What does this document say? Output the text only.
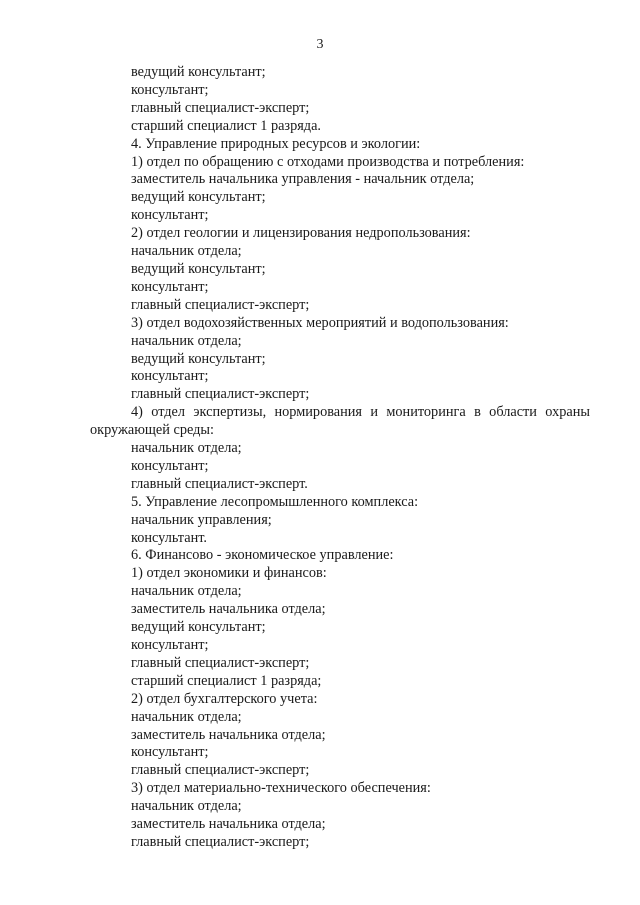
3
ведущий консультант;
консультант;
главный специалист-эксперт;
старший специалист 1 разряда.
4. Управление природных ресурсов и экологии:
1) отдел по обращению с отходами производства и потребления:
заместитель начальника управления - начальник отдела;
ведущий консультант;
консультант;
2) отдел геологии и лицензирования недропользования:
начальник отдела;
ведущий консультант;
консультант;
главный специалист-эксперт;
3) отдел водохозяйственных мероприятий и водопользования:
начальник отдела;
ведущий консультант;
консультант;
главный специалист-эксперт;
4) отдел экспертизы, нормирования и мониторинга в области охраны окружающей среды:
начальник отдела;
консультант;
главный специалист-эксперт.
5. Управление лесопромышленного комплекса:
начальник управления;
консультант.
6. Финансово - экономическое управление:
1) отдел экономики и финансов:
начальник отдела;
заместитель начальника отдела;
ведущий консультант;
консультант;
главный специалист-эксперт;
старший специалист 1 разряда;
2) отдел бухгалтерского учета:
начальник отдела;
заместитель начальника отдела;
консультант;
главный специалист-эксперт;
3) отдел материально-технического обеспечения:
начальник отдела;
заместитель начальника отдела;
главный специалист-эксперт;
